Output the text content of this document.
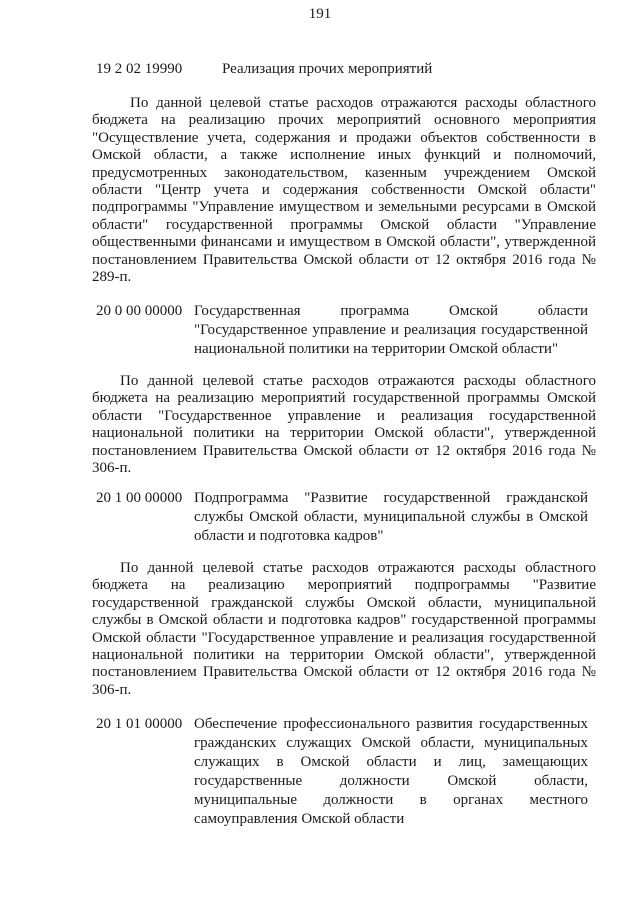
191
19 2 02 19990	Реализация прочих мероприятий

По данной целевой статье расходов отражаются расходы областного бюджета на реализацию прочих мероприятий основного мероприятия "Осуществление учета, содержания и продажи объектов собственности в Омской области, а также исполнение иных функций и полномочий, предусмотренных законодательством, казенным учреждением Омской области "Центр учета и содержания собственности Омской области" подпрограммы "Управление имуществом и земельными ресурсами в Омской области" государственной программы Омской области "Управление общественными финансами и имуществом в Омской области", утвержденной постановлением Правительства Омской области от 12 октября 2016 года № 289-п.

20 0 00 00000 Государственная программа Омской области "Государственное управление и реализация государственной национальной политики на территории Омской области"

По данной целевой статье расходов отражаются расходы областного бюджета на реализацию мероприятий государственной программы Омской области "Государственное управление и реализация государственной национальной политики на территории Омской области", утвержденной постановлением Правительства Омской области от 12 октября 2016 года № 306-п.

20 1 00 00000 Подпрограмма "Развитие государственной гражданской службы Омской области, муниципальной службы в Омской области и подготовка кадров"

По данной целевой статье расходов отражаются расходы областного бюджета на реализацию мероприятий подпрограммы "Развитие государственной гражданской службы Омской области, муниципальной службы в Омской области и подготовка кадров" государственной программы Омской области "Государственное управление и реализация государственной национальной политики на территории Омской области", утвержденной постановлением Правительства Омской области от 12 октября 2016 года № 306-п.

20 1 01 00000 Обеспечение профессионального развития государственных гражданских служащих Омской области, муниципальных служащих в Омской области и лиц, замещающих государственные должности Омской области, муниципальные должности в органах местного самоуправления Омской области
